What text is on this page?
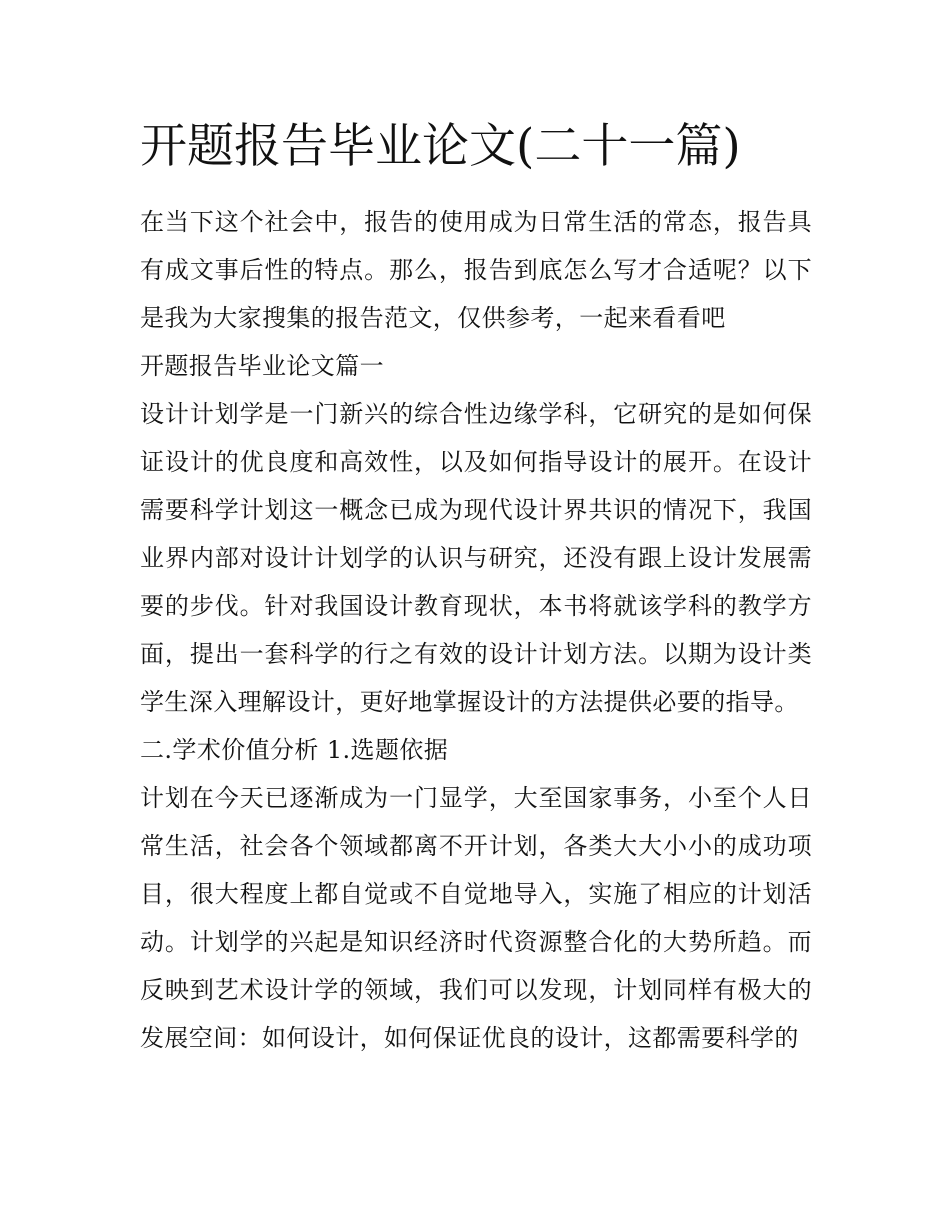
开题报告毕业论文(二十一篇)

在当下这个社会中，报告的使用成为日常生活的常态，报告具有成文事后性的特点。那么，报告到底怎么写才合适呢？以下是我为大家搜集的报告范文，仅供参考，一起来看看吧

开题报告毕业论文篇一

设计计划学是一门新兴的综合性边缘学科，它研究的是如何保证设计的优良度和高效性，以及如何指导设计的展开。在设计需要科学计划这一概念已成为现代设计界共识的情况下，我国业界内部对设计计划学的认识与研究，还没有跟上设计发展需要的步伐。针对我国设计教育现状，本书将就该学科的教学方面，提出一套科学的行之有效的设计计划方法。以期为设计类学生深入理解设计，更好地掌握设计的方法提供必要的指导。

二.学术价值分析 1.选题依据

计划在今天已逐渐成为一门显学，大至国家事务，小至个人日常生活，社会各个领域都离不开计划，各类大大小小的成功项目，很大程度上都自觉或不自觉地导入，实施了相应的计划活动。计划学的兴起是知识经济时代资源整合化的大势所趋。而反映到艺术设计学的领域，我们可以发现，计划同样有极大的发展空间：如何设计，如何保证优良的设计，这都需要科学的
